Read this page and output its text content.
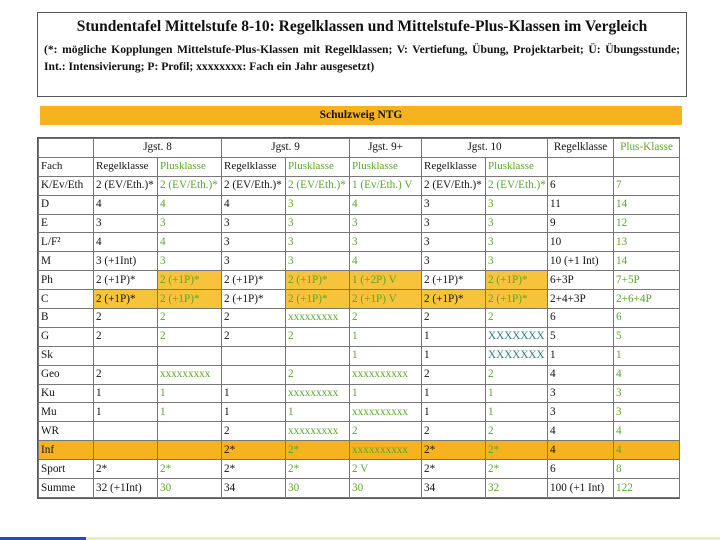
Stundentafel Mittelstufe 8-10: Regelklassen und Mittelstufe-Plus-Klassen im Vergleich
(*: mögliche Kopplungen Mittelstufe-Plus-Klassen mit Regelklassen; V: Vertiefung, Übung, Projektarbeit; Ü: Übungsstunde; Int.: Intensivierung; P: Profil; xxxxxxxx: Fach ein Jahr ausgesetzt)
Schulzweig NTG
	Jgst. 8		Jgst. 9		Jgst. 9+	Jgst. 10		Regelklasse	Plus-Klasse
Fach	Regelklasse	Plusklasse	Regelklasse	Plusklasse	Plusklasse	Regelklasse	Plusklasse		
K/Ev/Eth	2 (EV/Eth.)*	2 (EV/Eth.)*	2 (EV/Eth.)*	2 (EV/Eth.)*	1 (Ev/Eth.) V	2 (EV/Eth.)*	2 (EV/Eth.)*	6	7
D	4	4	4	3	4	3	3	11	14
E	3	3	3	3	3	3	3	9	12
L/F²	4	4	3	3	3	3	3	10	13
M	3 (+1Int)	3	3	3	4	3	3	10 (+1 Int)	14
Ph	2 (+1P)*	2 (+1P)*	2 (+1P)*	2 (+1P)*	1 (+2P) V	2 (+1P)*	2 (+1P)*	6+3P	7+5P
C	2 (+1P)*	2 (+1P)*	2 (+1P)*	2 (+1P)*	2 (+1P) V	2 (+1P)*	2 (+1P)*	2+4+3P	2+6+4P
B	2	2	2	xxxxxxxxx	2	2	2	6	6
G	2	2	2	2	1	1	XXXXXXX	5	5
Sk					1	1	XXXXXXX	1	1
Geo	2	xxxxxxxxx		2	xxxxxxxxxx	2	2	4	4
Ku	1	1	1	xxxxxxxxx	1	1	1	3	3
Mu	1	1	1	1	xxxxxxxxxx	1	1	3	3
WR			2	xxxxxxxxx	2	2	2	4	4
Inf			2*	2*	xxxxxxxxxx	2*	2*	4	4
Sport	2*	2*	2*	2*	2 V	2*	2*	6	8
Summe	32 (+1Int)	30	34	30	30	34	32	100 (+1 Int)	122
